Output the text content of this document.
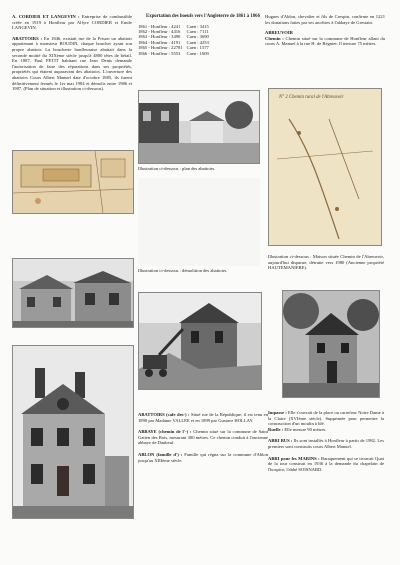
A. CORDIER ET LANGEVIN : Entreprise de combustible créée en 1919 à Honfleur par Alfyre CORDIER et Emile LANGEVIN.

ABATTOIRS : En 1846, existait rue de la Prison un abattoir appartenant à monsieur BOUDIN, chaque boucher ayant son propre abattoir. La boucherie honfleuraise abattait dans la seconde moitié du XIXème siècle jusqu'à 4800 têtes de bétail. En 1887, Paul PETIT habitant rue Jean Denis demande l'autorisation de faire des réparations dans ses propriétés, propriétés qui étaient auparavant des abattoirs. L'ouverture des abattoirs Cours Albert Manuel date d'octobre 1885, ils furent définitivement fermés le 1er mai 1984 et démolis entre 1986 et 1987. (Plan de situation et illustration ci-dessous).

Exportation des boeufs vers l'Angleterre de 1861 à 1866
1861 - Honfleur : 4241	Caen : 3415
1862 - Honfleur : 4416	Caen : 7111
1863 - Honfleur : 3490	Caen : 3690
1864 - Honfleur : 4191	Caen : 4253
1865 - Honfleur : 22781	Caen : 1577
1866 - Honfleur : 5553	Caen : 1609

Illustration ci-dessous : plan des abattoirs.

Illustration ci-dessous : démolition des abattoirs.

ABATTOIRS (cafe des-) : Situé rue de la République, il est tenu en 1890 par Madame VALLEE et en 1899 par Gustave HOLLAY.

ABBAYE (chemin de l'-) : Chemin situé sur la commune de Saint Gatien des Bois, mesurant 300 mètres. Ce chemin conduit à l'ancienne abbaye de Daubeuf.

ABLON (famille d') : Famille qui régna sur la commune d'Ablon jusqu'au XIIIème siècle.

Hugues d'Ablon, chevalier et fils de Crespin, confirme en 1221 les donations faites par ses ancêtres à l'abbaye de Grestain.

ABREUVOIR

Chemin : Chemin situé sur la commune de Honfleur allant du cours A. Manuel à la rue H. de Régnier. Il mesure 75 mètres.

N° 2 Chemin rural de l'Abreuvoir

Illustration ci-dessous : Maison située Chemin de l'Abreuvoir, aujourd'hui disparue, détruite vers 1980 (Ancienne propriété HAUTEMANIERE).

Impasse : Elle s'ouvrait de la place ou carrefour Notre Dame à la Claire (XVIème siècle). Supprimée pour permettre la construction d'un moulin à blé.

Ruelle : Elle mesure 90 mètres.

ABRI BUS : Ils sont installés à Honfleur à partir de 1982. Les premiers sont construits cours Albert Manuel.

ABRI pour les MARINS : Baraquement qui se trouvait Quai de la tour construit en 1936 à la demande du chapelain de l'hospice, l'abbé SOISNARD.
